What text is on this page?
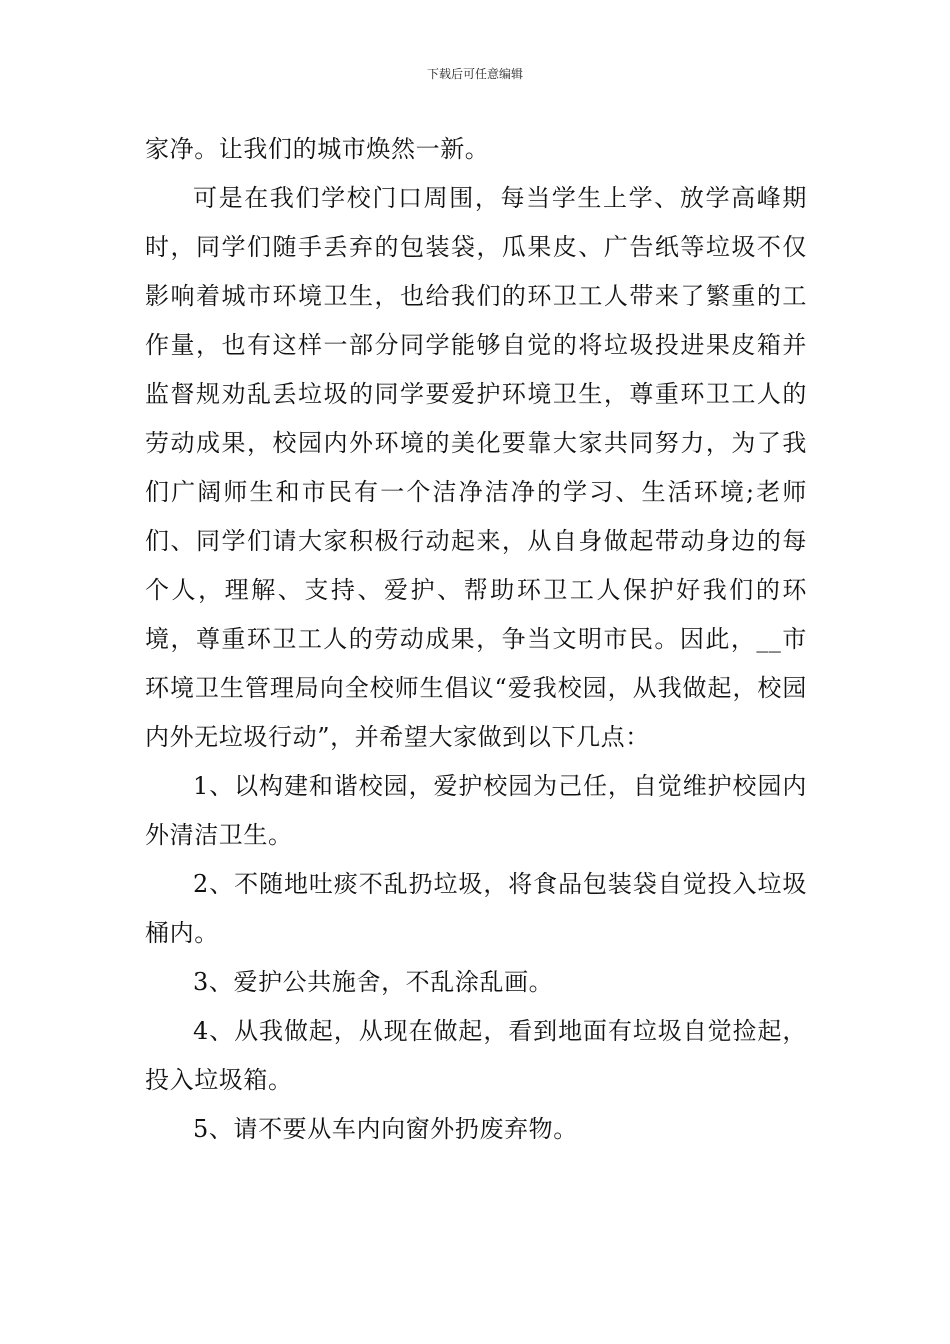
下载后可任意编辑

家净。让我们的城市焕然一新。

可是在我们学校门口周围，每当学生上学、放学高峰期时，同学们随手丢弃的包装袋，瓜果皮、广告纸等垃圾不仅影响着城市环境卫生，也给我们的环卫工人带来了繁重的工作量，也有这样一部分同学能够自觉的将垃圾投进果皮箱并监督规劝乱丢垃圾的同学要爱护环境卫生，尊重环卫工人的劳动成果，校园内外环境的美化要靠大家共同努力，为了我们广阔师生和市民有一个洁净洁净的学习、生活环境;老师们、同学们请大家积极行动起来，从自身做起带动身边的每个人，理解、支持、爱护、帮助环卫工人保护好我们的环境，尊重环卫工人的劳动成果，争当文明市民。因此，__市环境卫生管理局向全校师生倡议“爱我校园，从我做起，校园内外无垃圾行动”，并希望大家做到以下几点：

1、以构建和谐校园，爱护校园为己任，自觉维护校园内外清洁卫生。

2、不随地吐痰不乱扔垃圾，将食品包装袋自觉投入垃圾桶内。

3、爱护公共施舍，不乱涂乱画。

4、从我做起，从现在做起，看到地面有垃圾自觉捡起，投入垃圾箱。

5、请不要从车内向窗外扔废弃物。
